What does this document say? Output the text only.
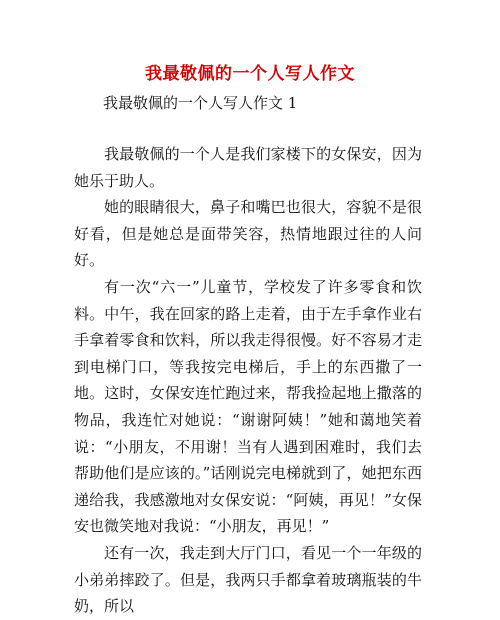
我最敬佩的一个人写人作文
我最敬佩的一个人写人作文 1

我最敬佩的一个人是我们家楼下的女保安，因为她乐于助人。

她的眼睛很大，鼻子和嘴巴也很大，容貌不是很好看，但是她总是面带笑容，热情地跟过往的人问好。

有一次“六一”儿童节，学校发了许多零食和饮料。中午，我在回家的路上走着，由于左手拿作业右手拿着零食和饮料，所以我走得很慢。好不容易才走到电梯门口，等我按完电梯后，手上的东西撒了一地。这时，女保安连忙跑过来，帮我捡起地上撒落的物品，我连忙对她说：“谢谢阿姨！”她和蔼地笑着说：“小朋友，不用谢！当有人遇到困难时，我们去帮助他们是应该的。”话刚说完电梯就到了，她把东西递给我，我感激地对女保安说：“阿姨，再见！”女保安也微笑地对我说：“小朋友，再见！”

还有一次，我走到大厅门口，看见一个一年级的小弟弟摔跤了。但是，我两只手都拿着玻璃瓶装的牛奶，所以
